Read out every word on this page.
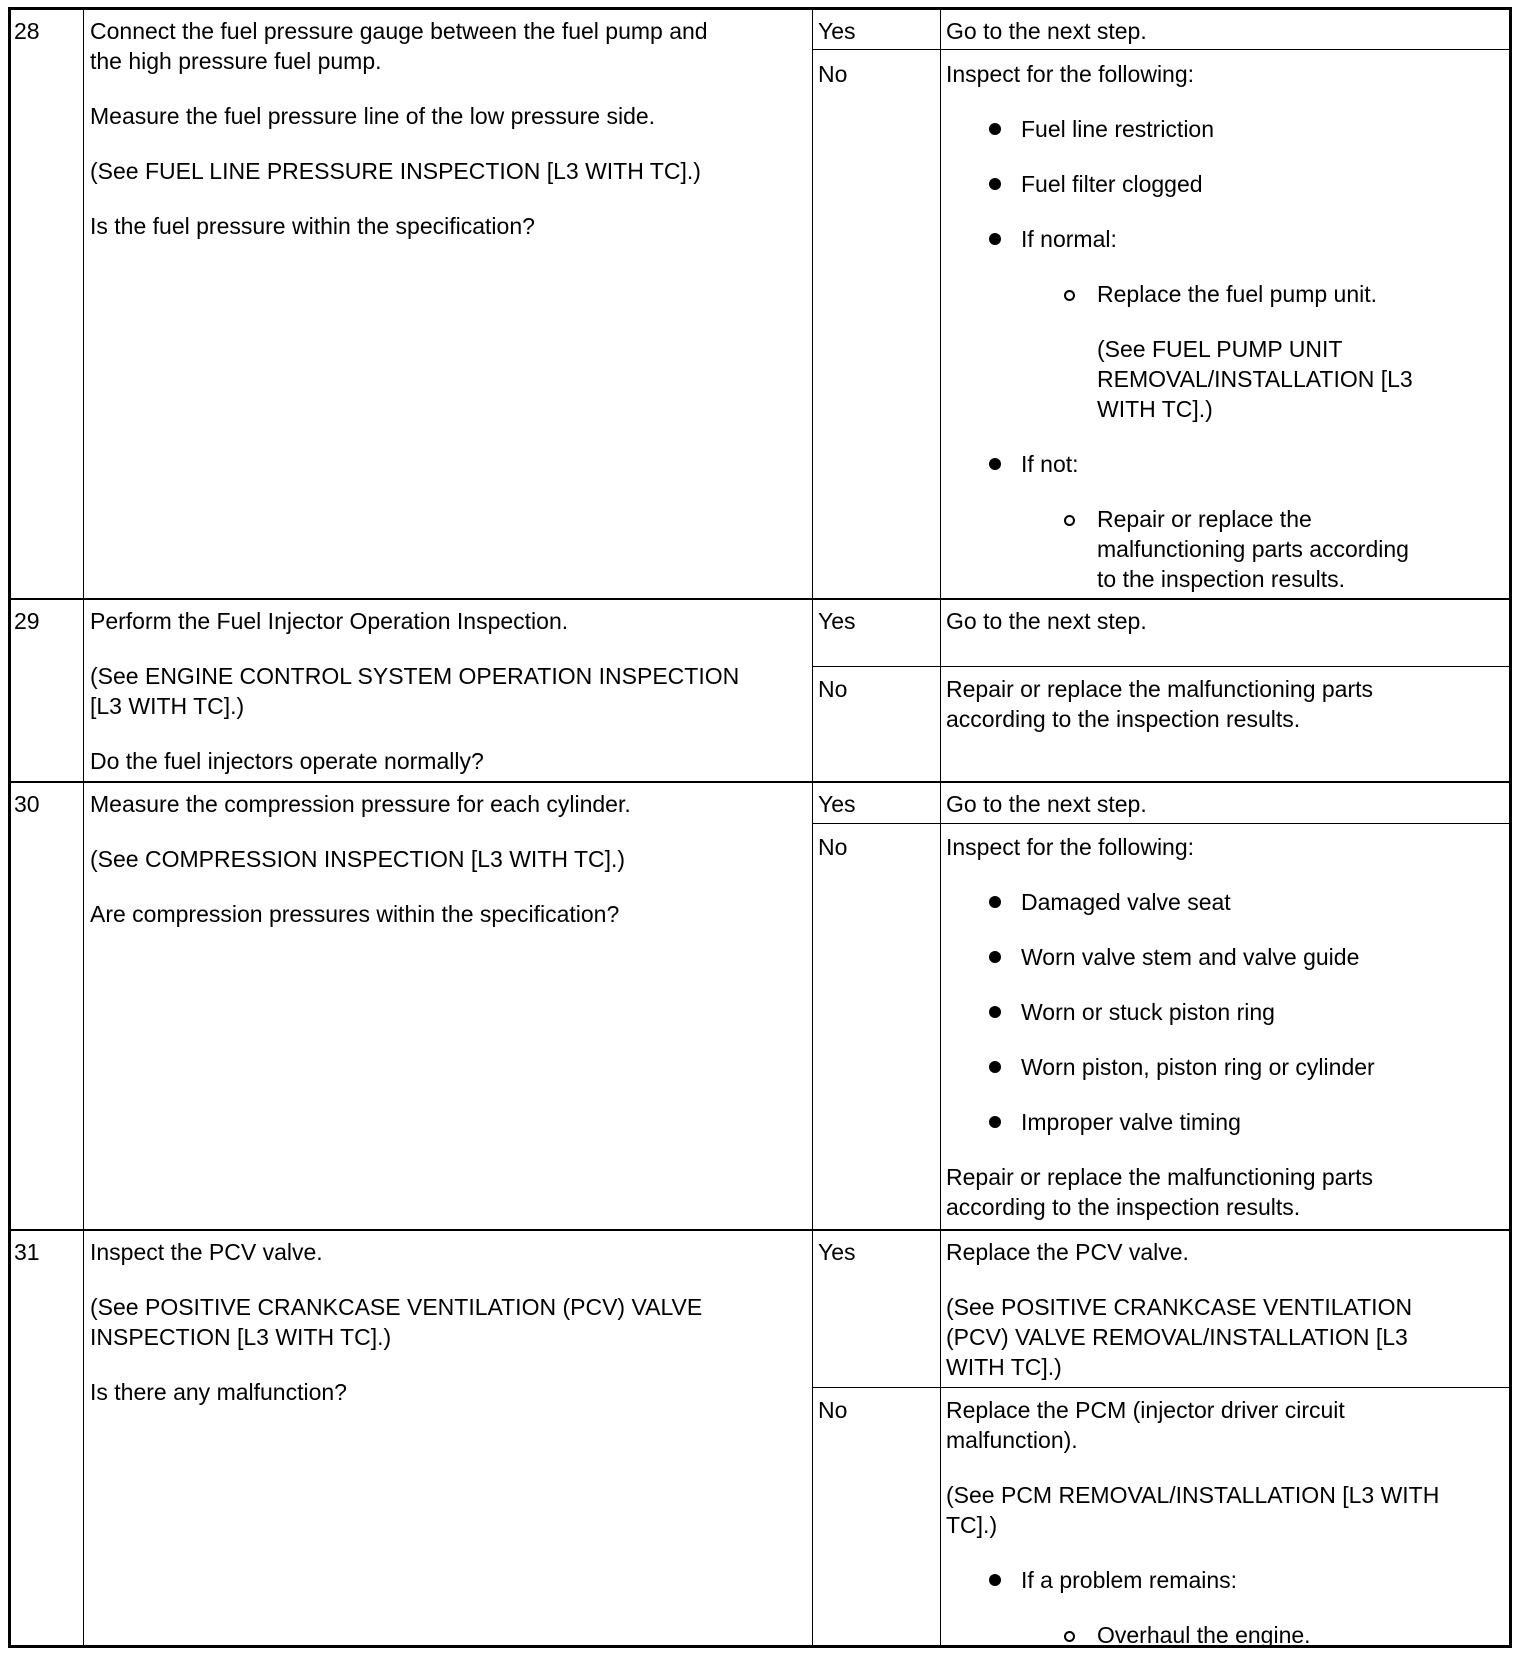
28 Connect the fuel pressure gauge between the fuel pump and
the high pressure fuel pump.
Measure the fuel pressure line of the low pressure side.
(See FUEL LINE PRESSURE INSPECTION [L3 WITH TC].)
Is the fuel pressure within the specification?
Yes	Go to the next step.
No	Inspect for the following:
Fuel line restriction
Fuel filter clogged
If normal:
Replace the fuel pump unit.
(See FUEL PUMP UNIT
REMOVAL/INSTALLATION [L3
WITH TC].)
If not:
Repair or replace the
malfunctioning parts according
to the inspection results.
29 Perform the Fuel Injector Operation Inspection.
(See ENGINE CONTROL SYSTEM OPERATION INSPECTION
[L3 WITH TC].)
Do the fuel injectors operate normally?
Yes	Go to the next step.
No	Repair or replace the malfunctioning parts
according to the inspection results.
30 Measure the compression pressure for each cylinder.
(See COMPRESSION INSPECTION [L3 WITH TC].)
Are compression pressures within the specification?
Yes	Go to the next step.
No	Inspect for the following:
Damaged valve seat
Worn valve stem and valve guide
Worn or stuck piston ring
Worn piston, piston ring or cylinder
Improper valve timing
Repair or replace the malfunctioning parts
according to the inspection results.
31 Inspect the PCV valve.
(See POSITIVE CRANKCASE VENTILATION (PCV) VALVE
INSPECTION [L3 WITH TC].)
Is there any malfunction?
Yes	Replace the PCV valve.
(See POSITIVE CRANKCASE VENTILATION
(PCV) VALVE REMOVAL/INSTALLATION [L3
WITH TC].)
No	Replace the PCM (injector driver circuit
malfunction).
(See PCM REMOVAL/INSTALLATION [L3 WITH
TC].)
If a problem remains:
Overhaul the engine.
